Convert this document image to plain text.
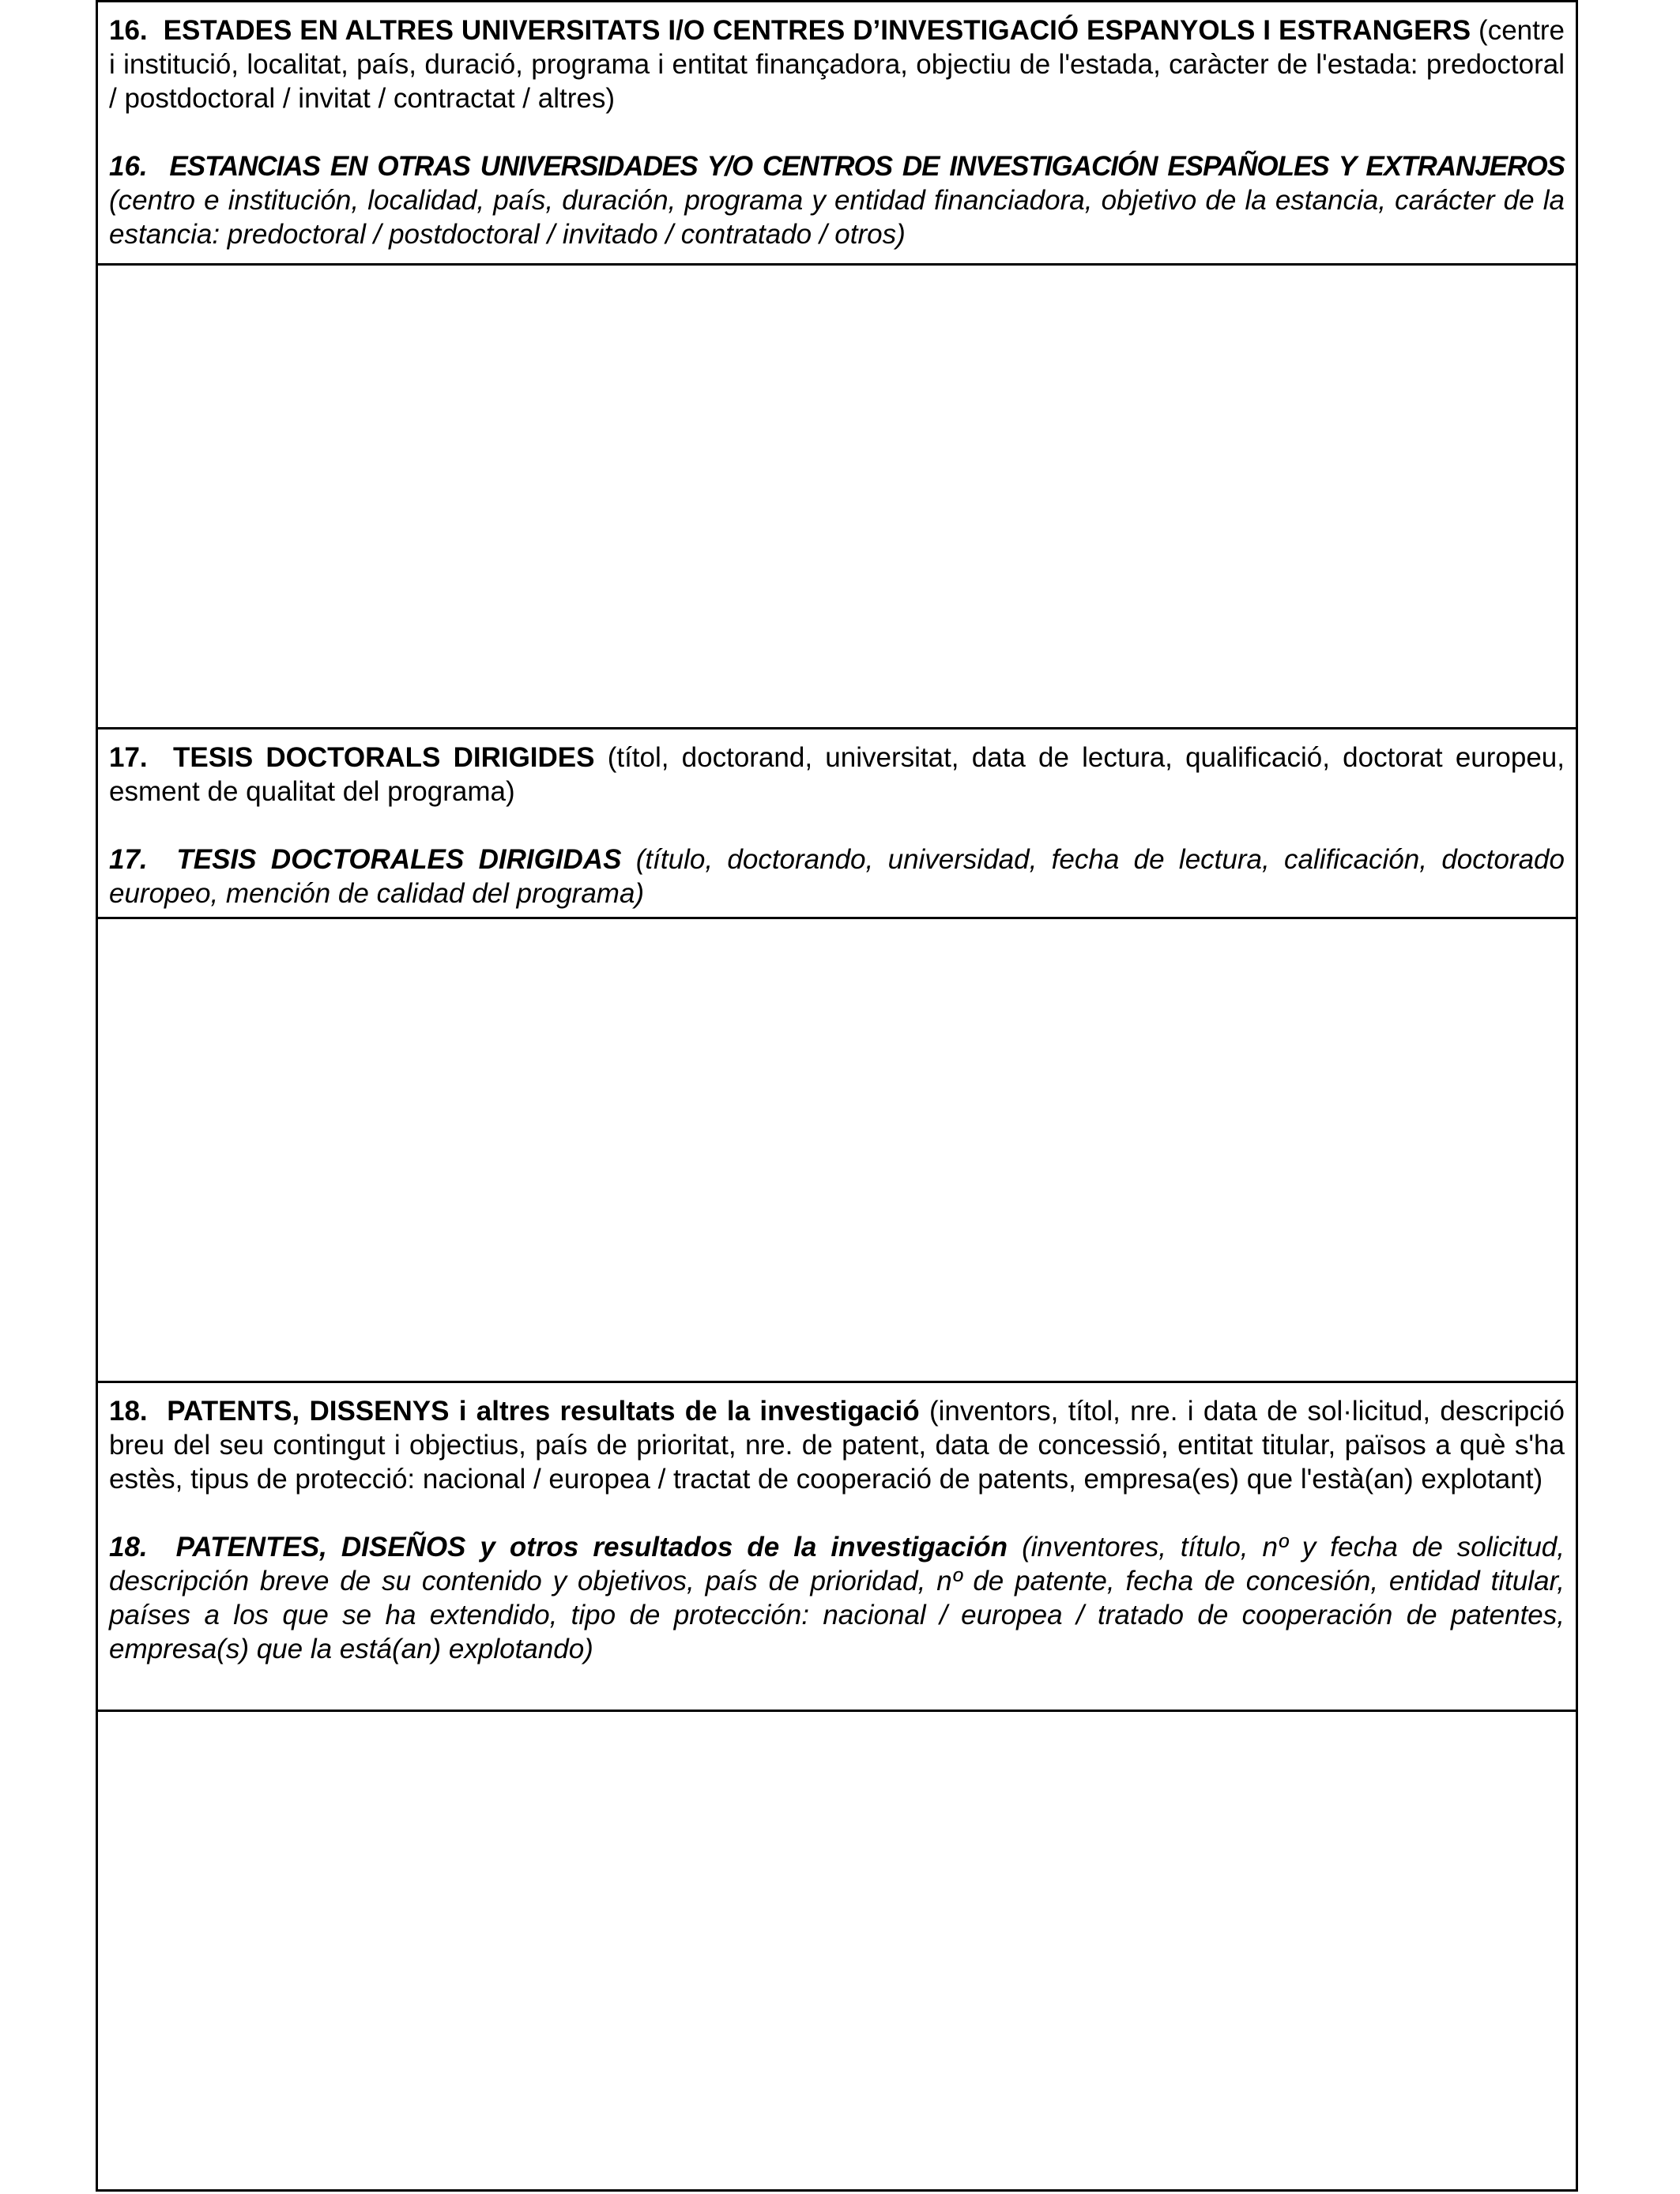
16. ESTADES EN ALTRES UNIVERSITATS I/O CENTRES D’INVESTIGACIÓ ESPANYOLS I ESTRANGERS (centre i institució, localitat, país, duració, programa i entitat finançadora, objectiu de l'estada, caràcter de l'estada: predoctoral / postdoctoral / invitat / contractat / altres)

16. ESTANCIAS EN OTRAS UNIVERSIDADES Y/O CENTROS DE INVESTIGACIÓN ESPAÑOLES Y EXTRANJEROS (centro e institución, localidad, país, duración, programa y entidad financiadora, objetivo de la estancia, carácter de la estancia: predoctoral / postdoctoral / invitado / contratado / otros)

17. TESIS DOCTORALS DIRIGIDES (títol, doctorand, universitat, data de lectura, qualificació, doctorat europeu, esment de qualitat del programa)

17. TESIS DOCTORALES DIRIGIDAS (título, doctorando, universidad, fecha de lectura, calificación, doctorado europeo, mención de calidad del programa)

18. PATENTS, DISSENYS i altres resultats de la investigació (inventors, títol, nre. i data de sol·licitud, descripció breu del seu contingut i objectius, país de prioritat, nre. de patent, data de concessió, entitat titular, països a què s'ha estès, tipus de protecció: nacional / europea / tractat de cooperació de patents, empresa(es) que l'està(an) explotant)

18. PATENTES, DISEÑOS y otros resultados de la investigación (inventores, título, nº y fecha de solicitud, descripción breve de su contenido y objetivos, país de prioridad, nº de patente, fecha de concesión, entidad titular, países a los que se ha extendido, tipo de protección: nacional / europea / tratado de cooperación de patentes, empresa(s) que la está(an) explotando)
